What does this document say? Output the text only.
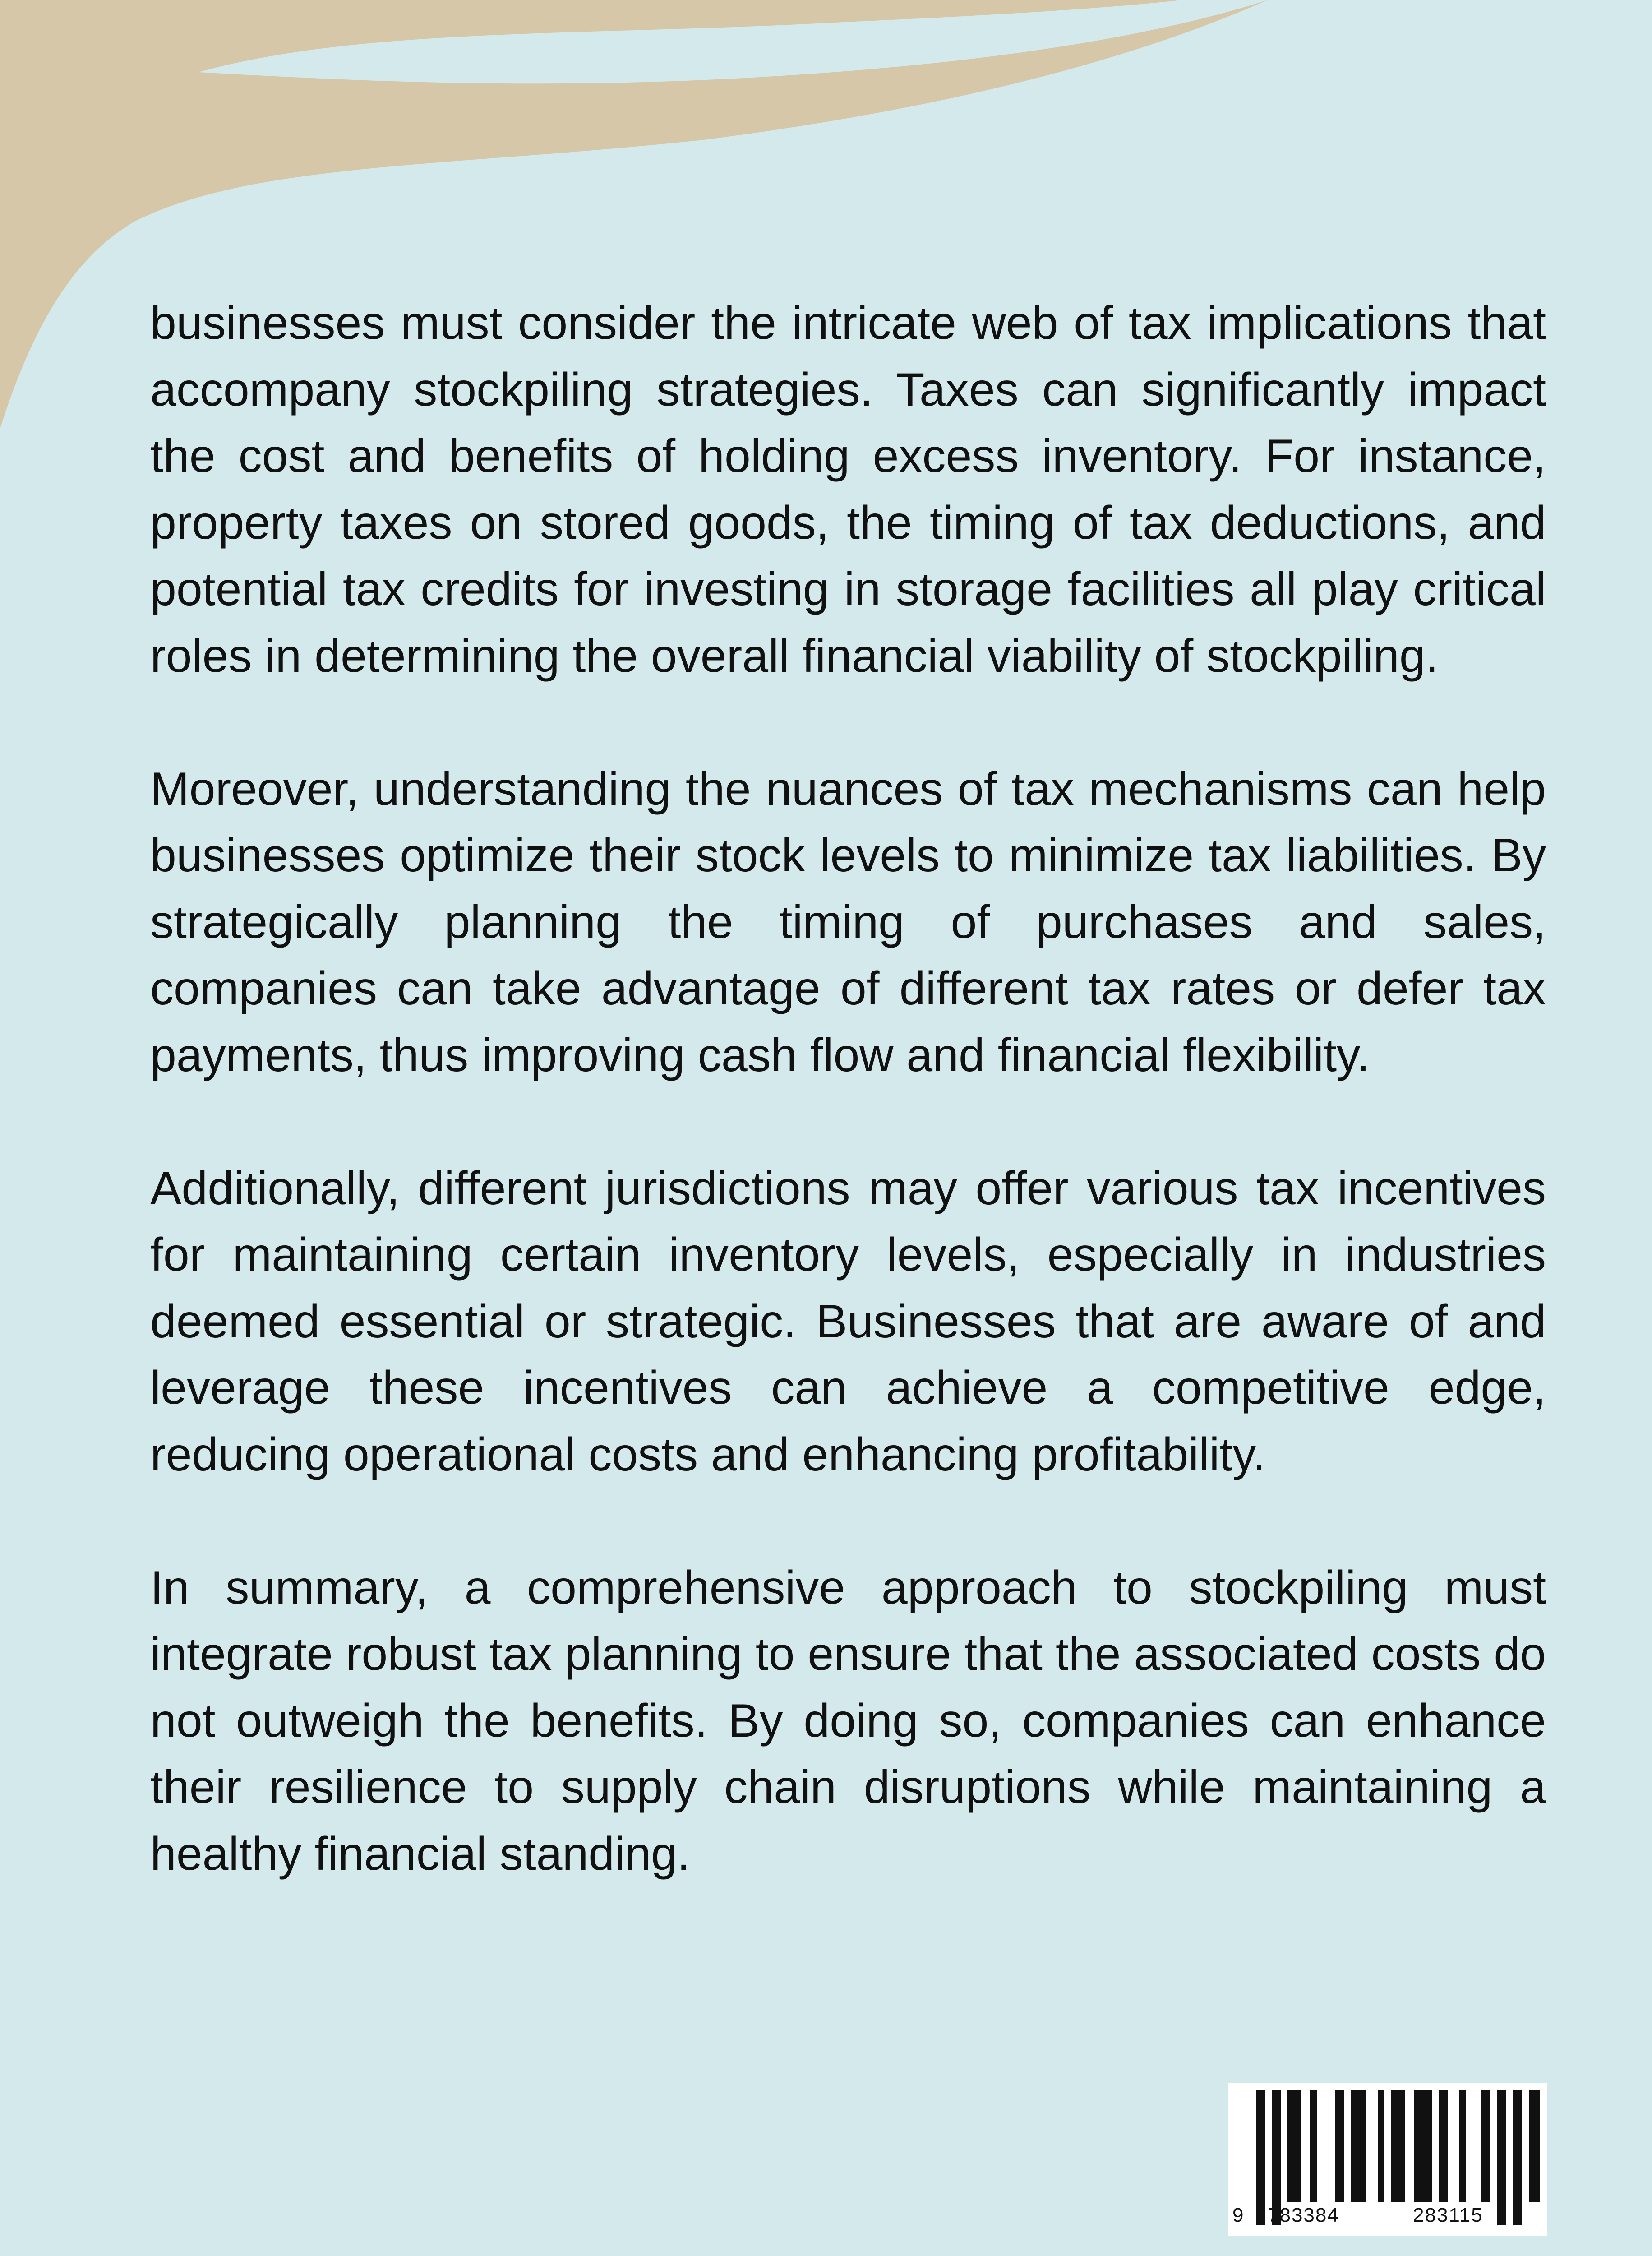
businesses must consider the intricate web of tax implications that accompany stockpiling strategies. Taxes can significantly impact the cost and benefits of holding excess inventory. For instance, property taxes on stored goods, the timing of tax deductions, and potential tax credits for investing in storage facilities all play critical roles in determining the overall financial viability of stockpiling.

Moreover, understanding the nuances of tax mechanisms can help businesses optimize their stock levels to minimize tax liabilities. By strategically planning the timing of purchases and sales, companies can take advantage of different tax rates or defer tax payments, thus improving cash flow and financial flexibility.

Additionally, different jurisdictions may offer various tax incentives for maintaining certain inventory levels, especially in industries deemed essential or strategic. Businesses that are aware of and leverage these incentives can achieve a competitive edge, reducing operational costs and enhancing profitability.

In summary, a comprehensive approach to stockpiling must integrate robust tax planning to ensure that the associated costs do not outweigh the benefits. By doing so, companies can enhance their resilience to supply chain disruptions while maintaining a healthy financial standing.

9 783384	283115
